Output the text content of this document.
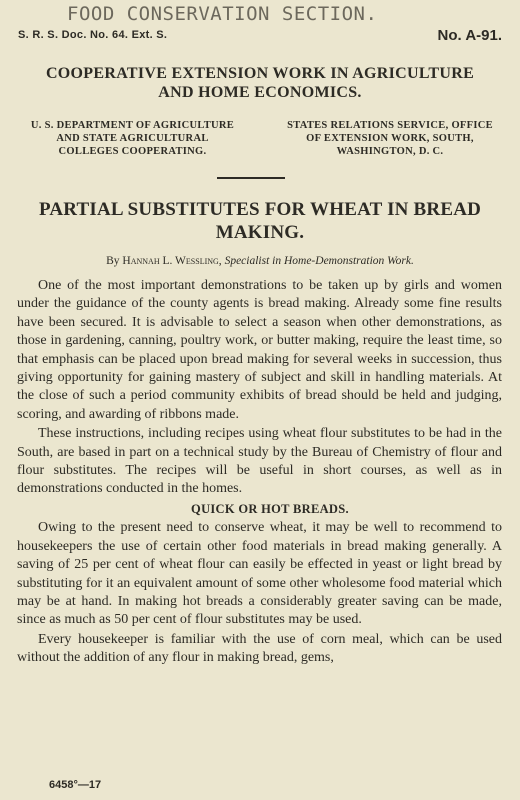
FOOD CONSERVATION SECTION.
S. R. S. Doc. No. 64. Ext. S.	No. A-91.
COOPERATIVE EXTENSION WORK IN AGRICULTURE
AND HOME ECONOMICS.
U. S. DEPARTMENT OF AGRICULTURE
AND STATE AGRICULTURAL
COLLEGES COOPERATING.
STATES RELATIONS SERVICE, OFFICE
OF EXTENSION WORK, SOUTH,
WASHINGTON, D. C.
PARTIAL SUBSTITUTES FOR WHEAT IN BREAD
MAKING.
By Hannah L. Wessling, Specialist in Home-Demonstration Work.

One of the most important demonstrations to be taken up by girls and women under the guidance of the county agents is bread making. Already some fine results have been secured. It is advisable to select a season when other demonstrations, as those in gardening, canning, poultry work, or butter making, require the least time, so that emphasis can be placed upon bread making for several weeks in succession, thus giving opportunity for gaining mastery of subject and skill in handling materials. At the close of such a period community exhibits of bread should be held and judging, scoring, and awarding of ribbons made.

These instructions, including recipes using wheat flour substitutes to be had in the South, are based in part on a technical study by the Bureau of Chemistry of flour and flour substitutes. The recipes will be useful in short courses, as well as in demonstrations conducted in the homes.

QUICK OR HOT BREADS.

Owing to the present need to conserve wheat, it may be well to recommend to housekeepers the use of certain other food materials in bread making generally. A saving of 25 per cent of wheat flour can easily be effected in yeast or light bread by substituting for it an equivalent amount of some other wholesome food material which may be at hand. In making hot breads a considerably greater saving can be made, since as much as 50 per cent of flour substitutes may be used.

Every housekeeper is familiar with the use of corn meal, which can be used without the addition of any flour in making bread, gems,

6458°—17
